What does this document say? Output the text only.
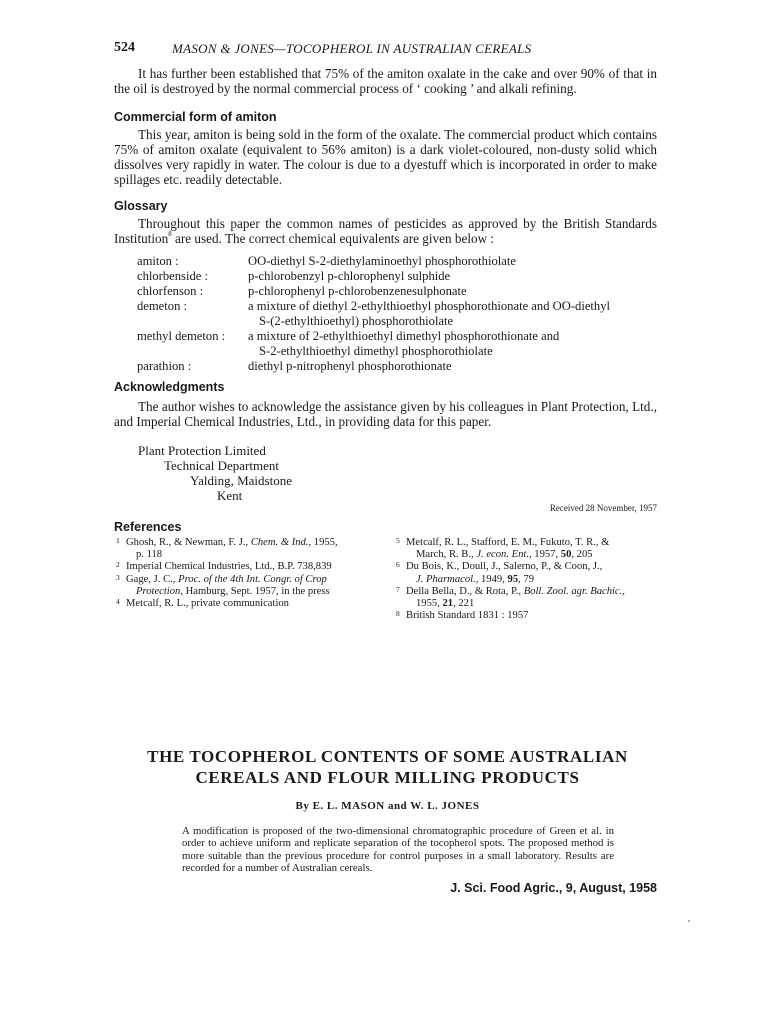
524	MASON & JONES—TOCOPHEROL IN AUSTRALIAN CEREALS
It has further been established that 75% of the amiton oxalate in the cake and over 90% of that in the oil is destroyed by the normal commercial process of ‘ cooking ’ and alkali refining.
Commercial form of amiton
This year, amiton is being sold in the form of the oxalate. The commercial product which contains 75% of amiton oxalate (equivalent to 56% amiton) is a dark violet-coloured, non-dusty solid which dissolves very rapidly in water. The colour is due to a dyestuff which is incorporated in order to make spillages etc. readily detectable.
Glossary
Throughout this paper the common names of pesticides as approved by the British Standards Institution$^8$ are used. The correct chemical equivalents are given below :
amiton :	OO-diethyl S-2-diethylaminoethyl phosphorothiolate
chlorbenside :	p-chlorobenzyl p-chlorophenyl sulphide
chlorfenson :	p-chlorophenyl p-chlorobenzenesulphonate
demeton :	a mixture of diethyl 2-ethylthioethyl phosphorothionate and OO-diethyl
S-(2-ethylthioethyl) phosphorothiolate

methyl demeton :	a mixture of 2-ethylthioethyl dimethyl phosphorothionate and
S-2-ethylthioethyl dimethyl phosphorothiolate

parathion :	diethyl p-nitrophenyl phosphorothionate
Acknowledgments
The author wishes to acknowledge the assistance given by his colleagues in Plant Protection, Ltd., and Imperial Chemical Industries, Ltd., in providing data for this paper.
Plant Protection Limited
Technical Department
Yalding, Maidstone
Kent
Received 28 November, 1957
References
1 Ghosh, R., & Newman, F. J., Chem. & Ind., 1955,
p. 118
2 Imperial Chemical Industries, Ltd., B.P. 738,839
3 Gage, J. C., Proc. of the 4th Int. Congr. of Crop
Protection, Hamburg, Sept. 1957, in the press
4 Metcalf, R. L., private communication
5 Metcalf, R. L., Stafford, E. M., Fukuto, T. R., &
March, R. B., J. econ. Ent., 1957, 50, 205
6 Du Bois, K., Doull, J., Salerno, P., & Coon, J.,
J. Pharmacol., 1949, 95, 79
7 Della Bella, D., & Rota, P., Boll. Zool. agr. Bachic.,
1955, 21, 221
8 British Standard 1831 : 1957
THE TOCOPHEROL CONTENTS OF SOME AUSTRALIAN
CEREALS AND FLOUR MILLING PRODUCTS
By E. L. MASON and W. L. JONES
A modification is proposed of the two-dimensional chromatographic procedure of Green et al. in order to achieve uniform and replicate separation of the tocopherol spots. The proposed method is more suitable than the previous procedure for control purposes in a small laboratory. Results are recorded for a number of Australian cereals.
J. Sci. Food Agric., 9, August, 1958
